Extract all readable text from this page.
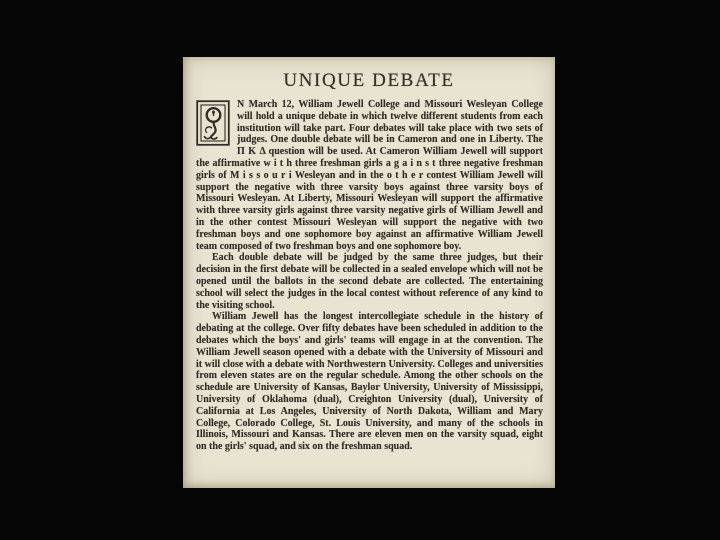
UNIQUE DEBATE

N March 12, William Jewell College and Missouri Wesleyan College will hold a unique debate in which twelve different students from each institution will take part. Four debates will take place with two sets of judges. One double debate will be in Cameron and one in Liberty. The Π Κ Δ question will be used. At Cameron William Jewell will support the affirmative w i t h three freshman girls a g a i n s t three negative freshman girls of M i s s o u r i Wesleyan and in the o t h e r contest William Jewell will support the negative with three varsity boys against three varsity boys of Missouri Wesleyan. At Liberty, Missouri Wesleyan will support the affirmative with three varsity girls against three varsity negative girls of William Jewell and in the other contest Missouri Wesleyan will support the negative with two freshman boys and one sophomore boy against an affirmative William Jewell team composed of two freshman boys and one sophomore boy.

Each double debate will be judged by the same three judges, but their decision in the first debate will be collected in a sealed envelope which will not be opened until the ballots in the second debate are collected. The entertaining school will select the judges in the local contest without reference of any kind to the visiting school.

William Jewell has the longest intercollegiate schedule in the history of debating at the college. Over fifty debates have been scheduled in addition to the debates which the boys' and girls' teams will engage in at the convention. The William Jewell season opened with a debate with the University of Missouri and it will close with a debate with Northwestern University. Colleges and universities from eleven states are on the regular schedule. Among the other schools on the schedule are University of Kansas, Baylor University, University of Mississippi, University of Oklahoma (dual), Creighton University (dual), University of California at Los Angeles, University of North Dakota, William and Mary College, Colorado College, St. Louis University, and many of the schools in Illinois, Missouri and Kansas. There are eleven men on the varsity squad, eight on the girls' squad, and six on the freshman squad.
